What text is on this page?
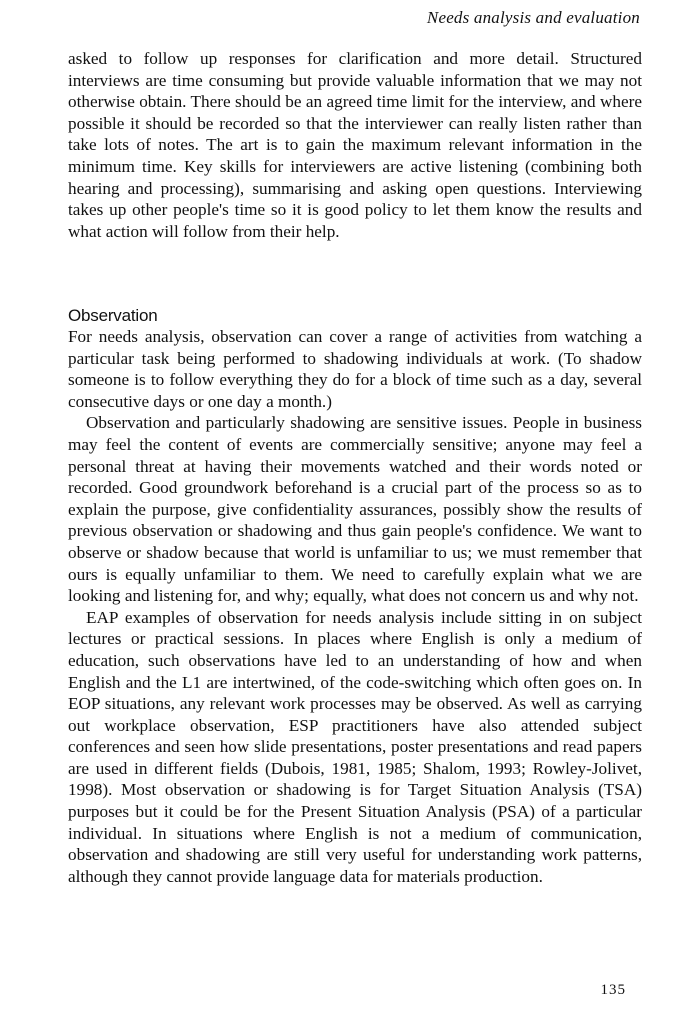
Needs analysis and evaluation

asked to follow up responses for clarification and more detail. Structured interviews are time consuming but provide valuable information that we may not otherwise obtain. There should be an agreed time limit for the interview, and where possible it should be recorded so that the interviewer can really listen rather than take lots of notes. The art is to gain the maximum relevant information in the minimum time. Key skills for interviewers are active listening (combining both hearing and processing), summarising and asking open questions. Interviewing takes up other people's time so it is good policy to let them know the results and what action will follow from their help.

Observation

For needs analysis, observation can cover a range of activities from watching a particular task being performed to shadowing individuals at work. (To shadow someone is to follow everything they do for a block of time such as a day, several consecutive days or one day a month.)

Observation and particularly shadowing are sensitive issues. People in business may feel the content of events are commercially sensitive; anyone may feel a personal threat at having their movements watched and their words noted or recorded. Good groundwork beforehand is a crucial part of the process so as to explain the purpose, give confidentiality assurances, possibly show the results of previous observation or shadowing and thus gain people's confidence. We want to observe or shadow because that world is unfamiliar to us; we must remember that ours is equally unfamiliar to them. We need to carefully explain what we are looking and listening for, and why; equally, what does not concern us and why not.

EAP examples of observation for needs analysis include sitting in on subject lectures or practical sessions. In places where English is only a medium of education, such observations have led to an understanding of how and when English and the L1 are intertwined, of the code-switching which often goes on. In EOP situations, any relevant work processes may be observed. As well as carrying out workplace observation, ESP practitioners have also attended subject conferences and seen how slide presentations, poster presentations and read papers are used in different fields (Dubois, 1981, 1985; Shalom, 1993; Rowley-Jolivet, 1998). Most observation or shadowing is for Target Situation Analysis (TSA) purposes but it could be for the Present Situation Analysis (PSA) of a particular individual. In situations where English is not a medium of communication, observation and shadowing are still very useful for understanding work patterns, although they cannot provide language data for materials production.

135
